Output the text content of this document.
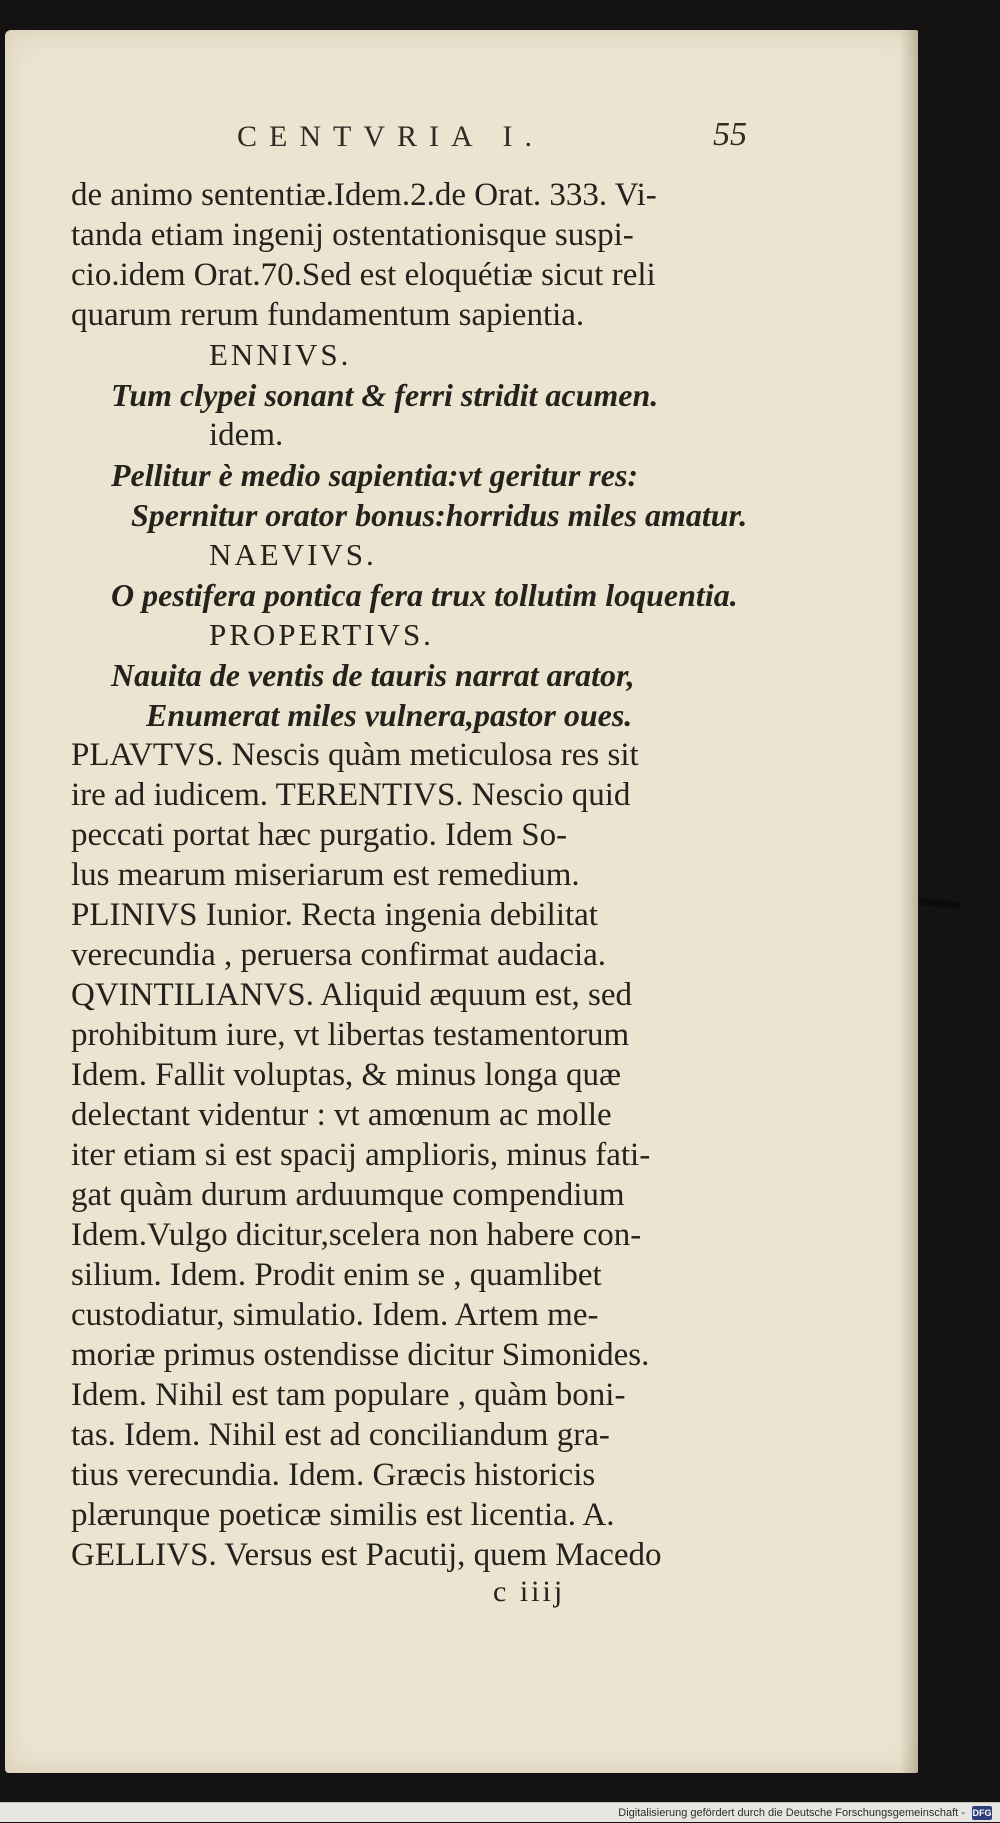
CENTVRIA I.	55
de animo sententiæ.Idem.2.de Orat. 333. Vi-
tanda etiam ingenij ostentationisque suspi-
cio.idem Orat.70.Sed est eloquétiæ sicut reli
quarum rerum fundamentum sapientia.
ENNIVS.
Tum clypei sonant & ferri stridit acumen.
idem.
Pellitur è medio sapientia:vt geritur res:
Spernitur orator bonus:horridus miles amatur.
NAEVIVS.
O pestifera pontica fera trux tollutim loquentia.
PROPERTIVS.
Nauita de ventis de tauris narrat arator,
Enumerat miles vulnera,pastor oues.
PLAVTVS. Nescis quàm meticulosa res sit
ire ad iudicem. TERENTIVS. Nescio quid
peccati portat hæc purgatio. Idem So-
lus mearum miseriarum est remedium.
PLINIVS Iunior. Recta ingenia debilitat
verecundia , peruersa confirmat audacia.
QVINTILIANVS. Aliquid æquum est, sed
prohibitum iure, vt libertas testamentorum
Idem. Fallit voluptas, & minus longa quæ
delectant videntur : vt amœnum ac molle
iter etiam si est spacij amplioris, minus fati-
gat quàm durum arduumque compendium
Idem.Vulgo dicitur,scelera non habere con-
silium. Idem. Prodit enim se , quamlibet
custodiatur, simulatio. Idem. Artem me-
moriæ primus ostendisse dicitur Simonides.
Idem. Nihil est tam populare , quàm boni-
tas. Idem. Nihil est ad conciliandum gra-
tius verecundia. Idem. Græcis historicis
plærunque poeticæ similis est licentia. A.
GELLIVS. Versus est Pacutij, quem Macedo
c iiij
Digitalisierung gefördert durch die Deutsche Forschungsgemeinschaft - DFG
